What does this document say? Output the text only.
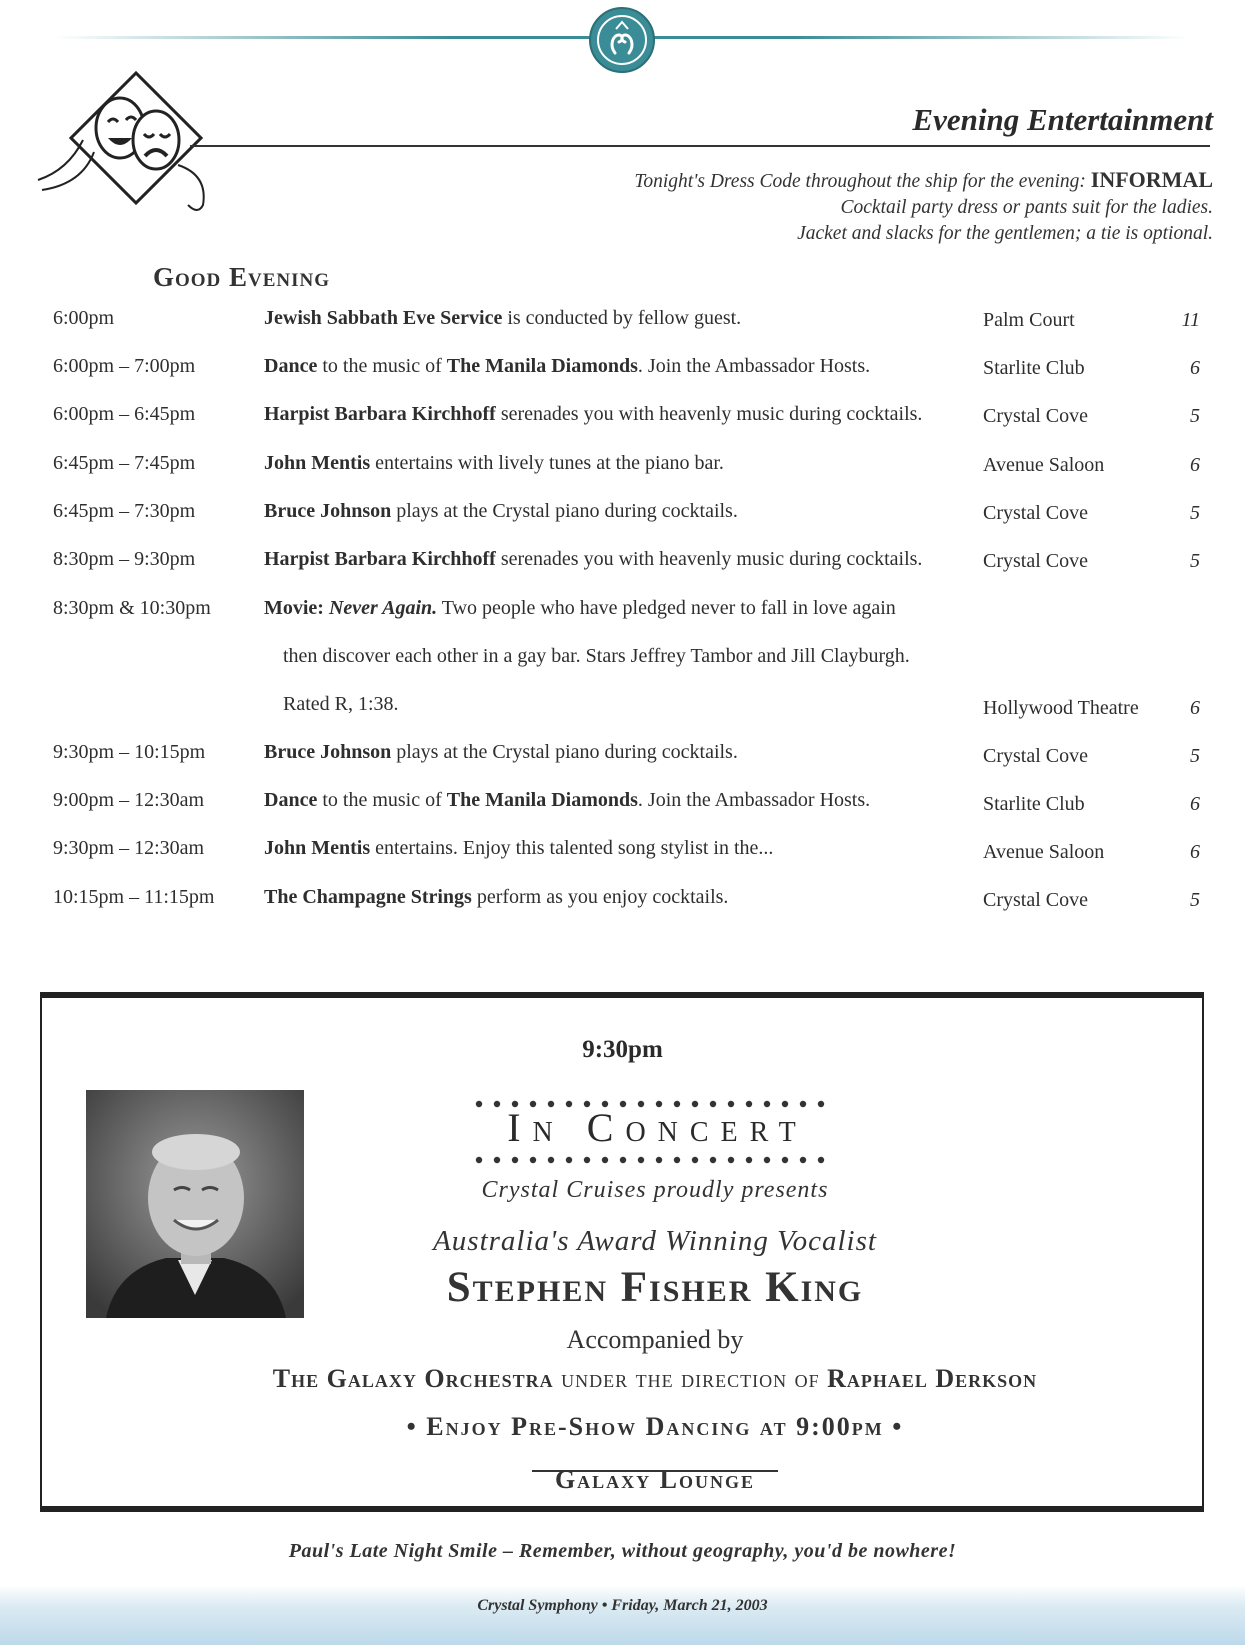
Evening Entertainment
Tonight's Dress Code throughout the ship for the evening: INFORMAL
Cocktail party dress or pants suit for the ladies.
Jacket and slacks for the gentlemen; a tie is optional.
Good Evening
6:00pm	Jewish Sabbath Eve Service is conducted by fellow guest.	Palm Court	11
6:00pm – 7:00pm	Dance to the music of The Manila Diamonds. Join the Ambassador Hosts.	Starlite Club	6
6:00pm – 6:45pm	Harpist Barbara Kirchhoff serenades you with heavenly music during cocktails.	Crystal Cove	5
6:45pm – 7:45pm	John Mentis entertains with lively tunes at the piano bar.	Avenue Saloon	6
6:45pm – 7:30pm	Bruce Johnson plays at the Crystal piano during cocktails.	Crystal Cove	5
8:30pm – 9:30pm	Harpist Barbara Kirchhoff serenades you with heavenly music during cocktails.	Crystal Cove	5
8:30pm & 10:30pm	Movie: Never Again. Two people who have pledged never to fall in love again
then discover each other in a gay bar. Stars Jeffrey Tambor and Jill Clayburgh.
Rated R, 1:38.	Hollywood Theatre	6
9:30pm – 10:15pm	Bruce Johnson plays at the Crystal piano during cocktails.	Crystal Cove	5
9:00pm – 12:30am	Dance to the music of The Manila Diamonds. Join the Ambassador Hosts.	Starlite Club	6
9:30pm – 12:30am	John Mentis entertains. Enjoy this talented song stylist in the...	Avenue Saloon	6
10:15pm – 11:15pm The Champagne Strings perform as you enjoy cocktails.	Crystal Cove	5
9:30pm
In Concert
Crystal Cruises proudly presents
Australia's Award Winning Vocalist
Stephen Fisher King
Accompanied by
The Galaxy Orchestra under the direction of Raphael Derkson
• Enjoy Pre-Show Dancing at 9:00pm •
Galaxy Lounge
Paul's Late Night Smile – Remember, without geography, you'd be nowhere!
Crystal Symphony • Friday, March 21, 2003
